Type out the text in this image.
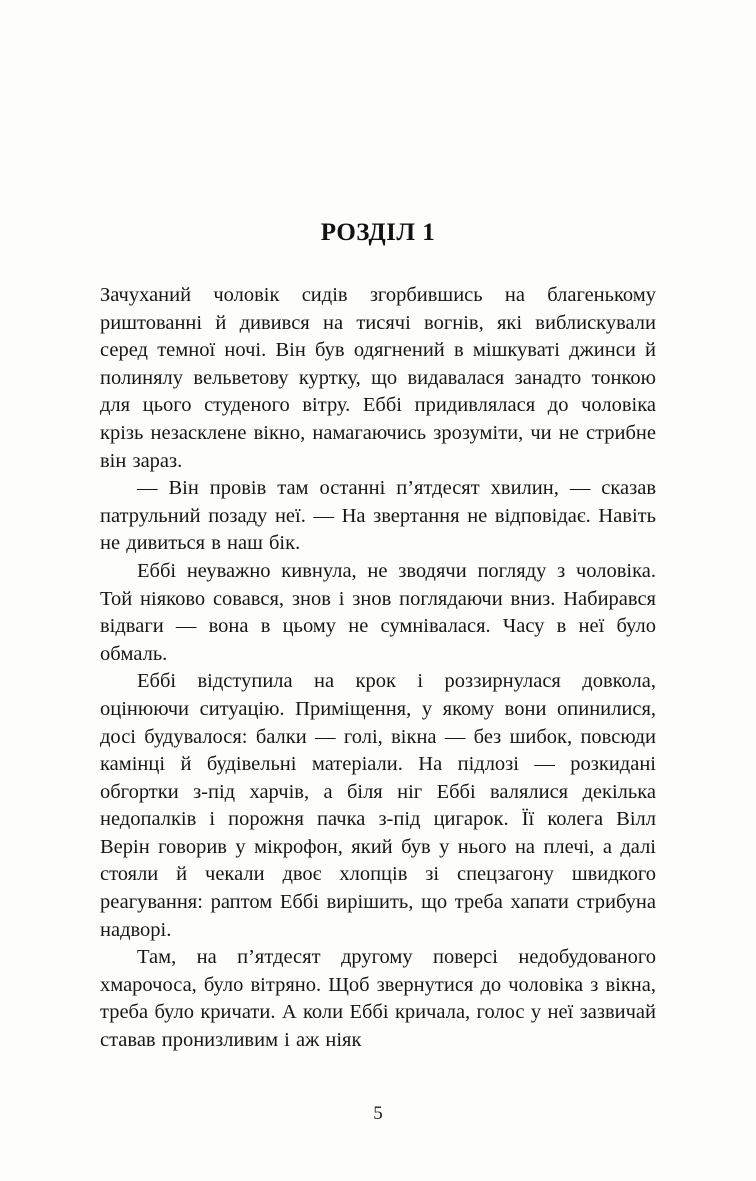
РОЗДІЛ 1

Зачуханий чоловік сидів згорбившись на благенькому риштованні й дивився на тисячі вогнів, які виблискували серед темної ночі. Він був одягнений в мішкуваті джинси й полинялу вельветову куртку, що видавалася занадто тонкою для цього студеного вітру. Еббі придивлялася до чоловіка крізь незасклене вікно, намагаючись зрозуміти, чи не стрибне він зараз.

— Він провів там останні п’ятдесят хвилин, — сказав патрульний позаду неї. — На звертання не відповідає. Навіть не дивиться в наш бік.

Еббі неуважно кивнула, не зводячи погляду з чоловіка. Той ніяково совався, знов і знов поглядаючи вниз. Набирався відваги — вона в цьому не сумнівалася. Часу в неї було обмаль.

Еббі відступила на крок і роззирнулася довкола, оцінюючи ситуацію. Приміщення, у якому вони опинилися, досі будувалося: балки — голі, вікна — без шибок, повсюди камінці й будівельні матеріали. На підлозі — розкидані обгортки з-під харчів, а біля ніг Еббі валялися декілька недопалків і порожня пачка з-під цигарок. Її колега Вілл Верін говорив у мікрофон, який був у нього на плечі, а далі стояли й чекали двоє хлопців зі спецзагону швидкого реагування: раптом Еббі вирішить, що треба хапати стрибуна надворі.

Там, на п’ятдесят другому поверсі недобудованого хмарочоса, було вітряно. Щоб звернутися до чоловіка з вікна, треба було кричати. А коли Еббі кричала, голос у неї зазвичай ставав пронизливим і аж ніяк

5
